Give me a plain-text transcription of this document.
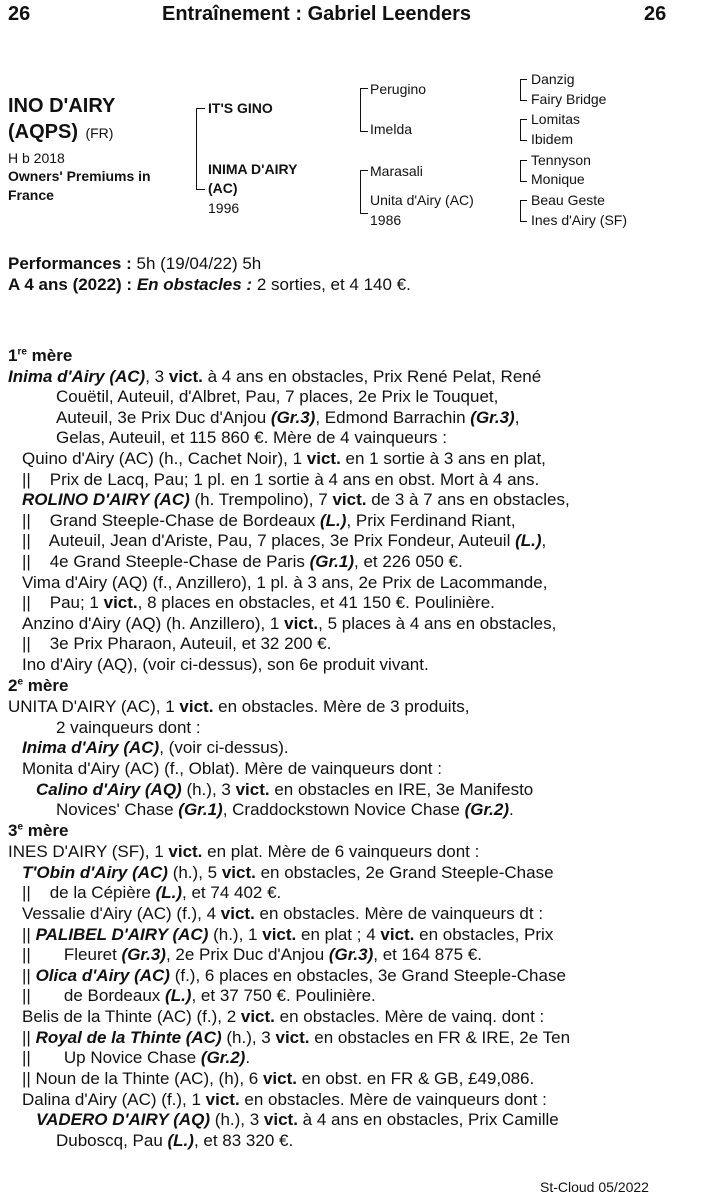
26	Entraînement : Gabriel Leenders	26
INO D'AIRY
(AQPS) (FR)
H b 2018
Owners' Premiums in
France
IT'S GINO
INIMA D'AIRY
(AC)
1996
Perugino
Imelda
Marasali
Unita d'Airy (AC)
1986
Danzig
Fairy Bridge
Lomitas
Ibidem
Tennyson
Monique
Beau Geste
Ines d'Airy (SF)
Performances : 5h (19/04/22) 5h
A 4 ans (2022) : En obstacles : 2 sorties, et 4 140 €.
1re mère
Inima d'Airy (AC), 3 vict. à 4 ans en obstacles, Prix René Pelat, René
Couëtil, Auteuil, d'Albret, Pau, 7 places, 2e Prix le Touquet,
Auteuil, 3e Prix Duc d'Anjou (Gr.3), Edmond Barrachin (Gr.3),
Gelas, Auteuil, et 115 860 €. Mère de 4 vainqueurs :
Quino d'Airy (AC) (h., Cachet Noir), 1 vict. en 1 sortie à 3 ans en plat,
||    Prix de Lacq, Pau; 1 pl. en 1 sortie à 4 ans en obst. Mort à 4 ans.
ROLINO D'AIRY (AC) (h. Trempolino), 7 vict. de 3 à 7 ans en obstacles,
||    Grand Steeple-Chase de Bordeaux (L.), Prix Ferdinand Riant,
||    Auteuil, Jean d'Ariste, Pau, 7 places, 3e Prix Fondeur, Auteuil (L.),
||    4e Grand Steeple-Chase de Paris (Gr.1), et 226 050 €.
Vima d'Airy (AQ) (f., Anzillero), 1 pl. à 3 ans, 2e Prix de Lacommande,
||    Pau; 1 vict., 8 places en obstacles, et 41 150 €. Poulinière.
Anzino d'Airy (AQ) (h. Anzillero), 1 vict., 5 places à 4 ans en obstacles,
||    3e Prix Pharaon, Auteuil, et 32 200 €.
Ino d'Airy (AQ), (voir ci-dessus), son 6e produit vivant.
2e mère
UNITA D'AIRY (AC), 1 vict. en obstacles. Mère de 3 produits,
2 vainqueurs dont :
Inima d'Airy (AC), (voir ci-dessus).
Monita d'Airy (AC) (f., Oblat). Mère de vainqueurs dont :
Calino d'Airy (AQ) (h.), 3 vict. en obstacles en IRE, 3e Manifesto
Novices' Chase (Gr.1), Craddockstown Novice Chase (Gr.2).
3e mère
INES D'AIRY (SF), 1 vict. en plat. Mère de 6 vainqueurs dont :
T'Obin d'Airy (AC) (h.), 5 vict. en obstacles, 2e Grand Steeple-Chase
||    de la Cépière (L.), et 74 402 €.
Vessalie d'Airy (AC) (f.), 4 vict. en obstacles. Mère de vainqueurs dt :
|| PALIBEL D'AIRY (AC) (h.), 1 vict. en plat ; 4 vict. en obstacles, Prix
||       Fleuret (Gr.3), 2e Prix Duc d'Anjou (Gr.3), et 164 875 €.
|| Olica d'Airy (AC) (f.), 6 places en obstacles, 3e Grand Steeple-Chase
||       de Bordeaux (L.), et 37 750 €. Poulinière.
Belis de la Thinte (AC) (f.), 2 vict. en obstacles. Mère de vainq. dont :
|| Royal de la Thinte (AC) (h.), 3 vict. en obstacles en FR & IRE, 2e Ten
||       Up Novice Chase (Gr.2).
|| Noun de la Thinte (AC), (h), 6 vict. en obst. en FR & GB, £49,086.
Dalina d'Airy (AC) (f.), 1 vict. en obstacles. Mère de vainqueurs dont :
VADERO D'AIRY (AQ) (h.), 3 vict. à 4 ans en obstacles, Prix Camille
Duboscq, Pau (L.), et 83 320 €.
St-Cloud 05/2022
